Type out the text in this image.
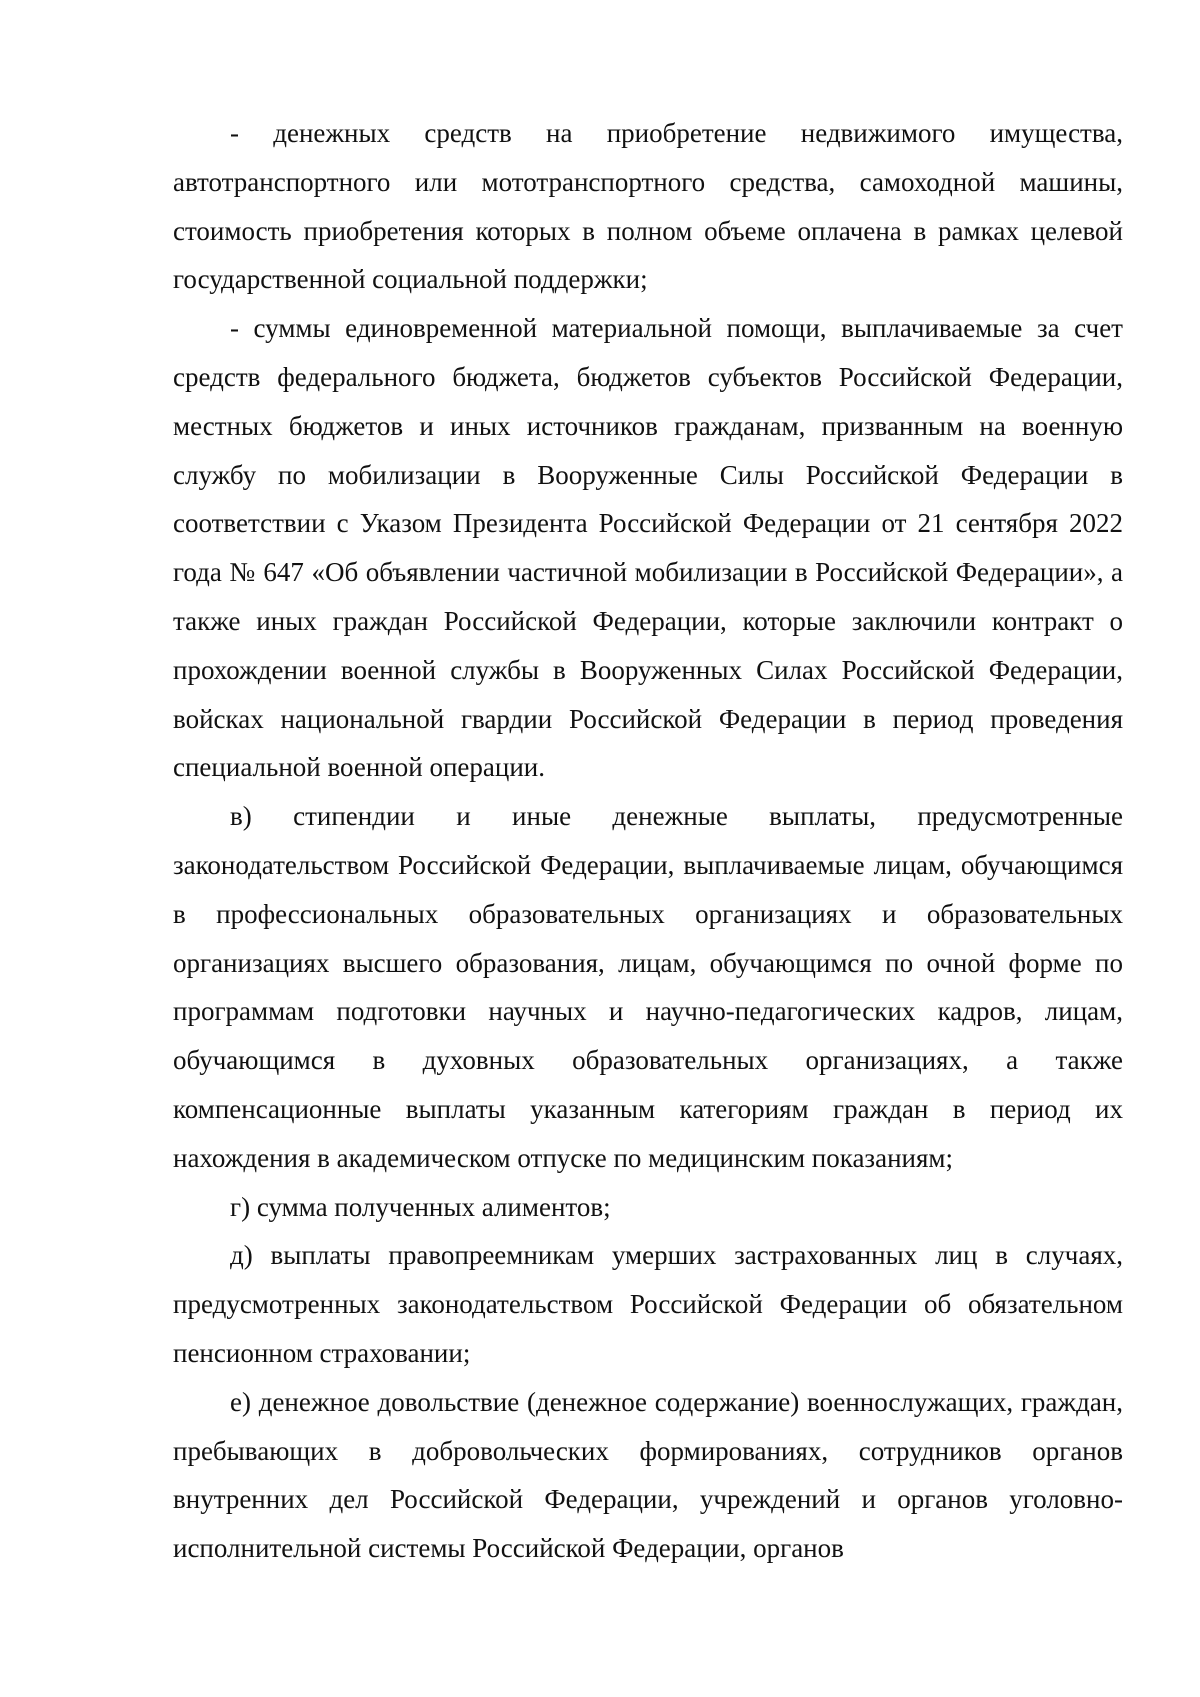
- денежных средств на приобретение недвижимого имущества, автотранспортного или мототранспортного средства, самоходной машины, стоимость приобретения которых в полном объеме оплачена в рамках целевой государственной социальной поддержки;

- суммы единовременной материальной помощи, выплачиваемые за счет средств федерального бюджета, бюджетов субъектов Российской Федерации, местных бюджетов и иных источников гражданам, призванным на военную службу по мобилизации в Вооруженные Силы Российской Федерации в соответствии с Указом Президента Российской Федерации от 21 сентября 2022 года № 647 «Об объявлении частичной мобилизации в Российской Федерации», а также иных граждан Российской Федерации, которые заключили контракт о прохождении военной службы в Вооруженных Силах Российской Федерации, войсках национальной гвардии Российской Федерации в период проведения специальной военной операции.

в) стипендии и иные денежные выплаты, предусмотренные законодательством Российской Федерации, выплачиваемые лицам, обучающимся в профессиональных образовательных организациях и образовательных организациях высшего образования, лицам, обучающимся по очной форме по программам подготовки научных и научно-педагогических кадров, лицам, обучающимся в духовных образовательных организациях, а также компенсационные выплаты указанным категориям граждан в период их нахождения в академическом отпуске по медицинским показаниям;

г) сумма полученных алиментов;

д) выплаты правопреемникам умерших застрахованных лиц в случаях, предусмотренных законодательством Российской Федерации об обязательном пенсионном страховании;

е) денежное довольствие (денежное содержание) военнослужащих, граждан, пребывающих в добровольческих формированиях, сотрудников органов внутренних дел Российской Федерации, учреждений и органов уголовно-исполнительной системы Российской Федерации, органов
